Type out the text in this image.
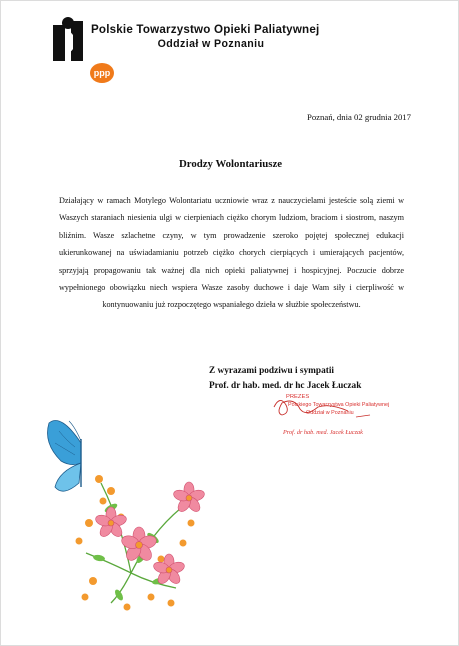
ppp
Polskie Towarzystwo Opieki Paliatywnej
Oddział w Poznaniu
Poznań, dnia 02 grudnia 2017
Drodzy Wolontariusze
Działający w ramach Motylego Wolontariatu uczniowie wraz z nauczycielami jesteście solą ziemi w Waszych staraniach niesienia ulgi w cierpieniach ciężko chorym ludziom, braciom i siostrom, naszym bliźnim. Wasze szlachetne czyny, w tym prowadzenie szeroko pojętej społecznej edukacji ukierunkowanej na uświadamianiu potrzeb ciężko chorych cierpiących i umierających pacjentów, sprzyjają propagowaniu tak ważnej dla nich opieki paliatywnej i hospicyjnej. Poczucie dobrze wypełnionego obowiązku niech wspiera Wasze zasoby duchowe i daje Wam siły i cierpliwość w kontynuowaniu już rozpoczętego wspaniałego dzieła w służbie społeczeństwu.
Z wyrazami podziwu i sympatii
Prof. dr hab. med. dr hc Jacek Łuczak
PREZES
Polskiego Towarzystwa Opieki Paliatywnej
Oddział w Poznaniu
Prof. dr hab. med. Jacek Łuczak
